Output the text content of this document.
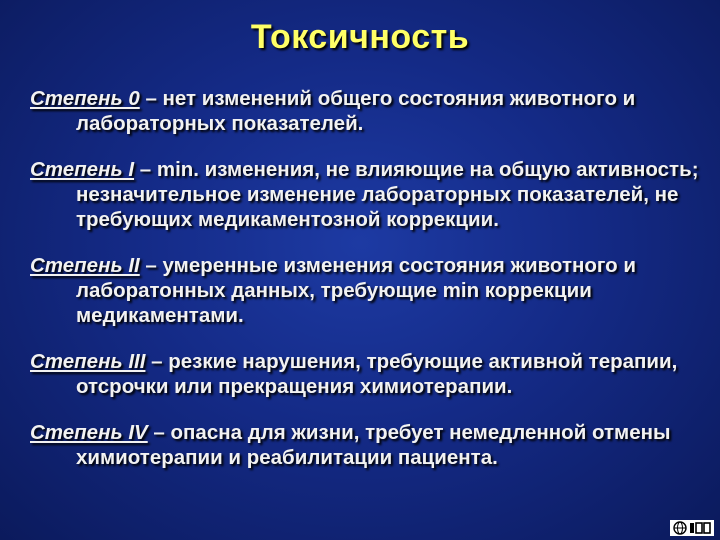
Токсичность
Степень 0 – нет изменений общего состояния животного и лабораторных показателей.
Степень I – min. изменения, не влияющие на общую активность; незначительное изменение лабораторных показателей, не требующих медикаментозной коррекции.
Степень II – умеренные изменения состояния животного и лаборатонных данных, требующие min коррекции медикаментами.
Степень III – резкие нарушения, требующие активной терапии, отсрочки или прекращения химиотерапии.
Степень IV – опасна для жизни, требует немедленной отмены химиотерапии и реабилитации пациента.
